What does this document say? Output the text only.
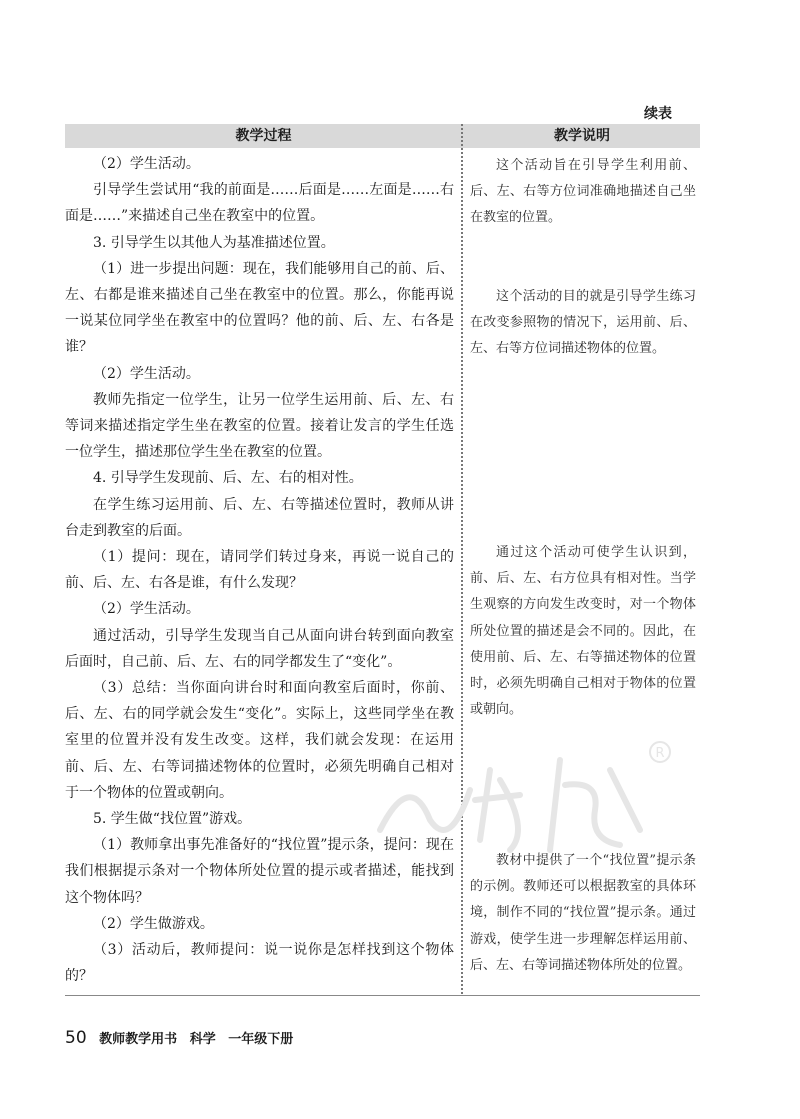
续表
教学过程	教学说明

（2）学生活动。

引导学生尝试用“我的前面是……后面是……左面是……右面是……”来描述自己坐在教室中的位置。

3. 引导学生以其他人为基准描述位置。

（1）进一步提出问题：现在，我们能够用自己的前、后、左、右都是谁来描述自己坐在教室中的位置。那么，你能再说一说某位同学坐在教室中的位置吗？他的前、后、左、右各是谁？

（2）学生活动。

教师先指定一位学生，让另一位学生运用前、后、左、右等词来描述指定学生坐在教室的位置。接着让发言的学生任选一位学生，描述那位学生坐在教室的位置。

4. 引导学生发现前、后、左、右的相对性。

在学生练习运用前、后、左、右等描述位置时，教师从讲台走到教室的后面。

（1）提问：现在，请同学们转过身来，再说一说自己的前、后、左、右各是谁，有什么发现？

（2）学生活动。

通过活动，引导学生发现当自己从面向讲台转到面向教室后面时，自己前、后、左、右的同学都发生了“变化”。

（3）总结：当你面向讲台时和面向教室后面时，你前、后、左、右的同学就会发生“变化”。实际上，这些同学坐在教室里的位置并没有发生改变。这样，我们就会发现：在运用前、后、左、右等词描述物体的位置时，必须先明确自己相对于一个物体的位置或朝向。

5. 学生做“找位置”游戏。

（1）教师拿出事先准备好的“找位置”提示条，提问：现在我们根据提示条对一个物体所处位置的提示或者描述，能找到这个物体吗？

（2）学生做游戏。

（3）活动后，教师提问：说一说你是怎样找到这个物体的？

这个活动旨在引导学生利用前、后、左、右等方位词准确地描述自己坐在教室的位置。

这个活动的目的就是引导学生练习在改变参照物的情况下，运用前、后、左、右等方位词描述物体的位置。

通过这个活动可使学生认识到，前、后、左、右方位具有相对性。当学生观察的方向发生改变时，对一个物体所处位置的描述是会不同的。因此，在使用前、后、左、右等描述物体的位置时，必须先明确自己相对于物体的位置或朝向。

教材中提供了一个“找位置”提示条的示例。教师还可以根据教室的具体环境，制作不同的“找位置”提示条。通过游戏，使学生进一步理解怎样运用前、后、左、右等词描述物体所处的位置。

R
50 教师教学用书 科学 一年级下册
